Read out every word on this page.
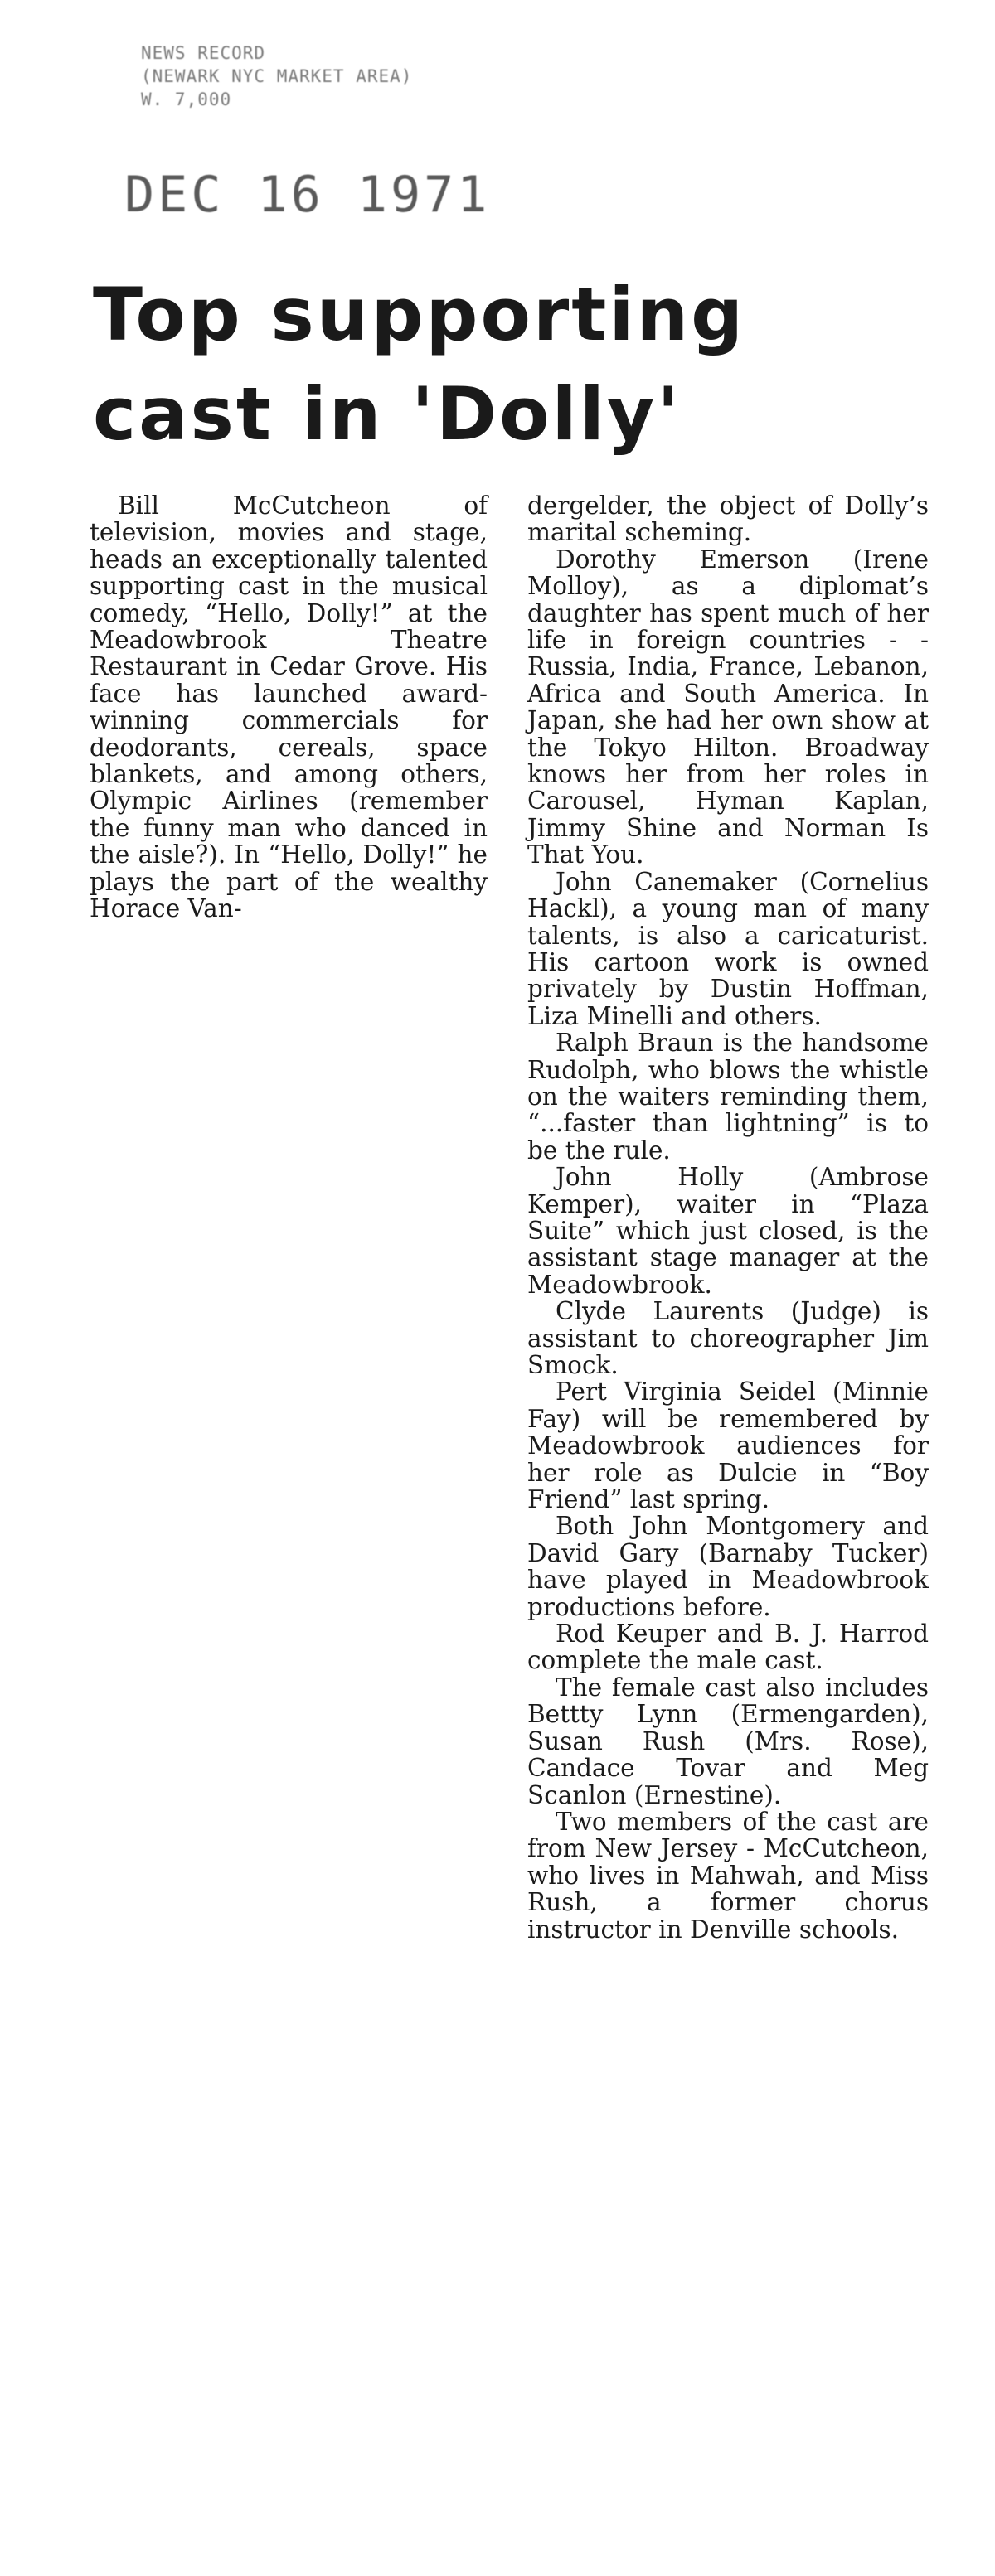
NEWS RECORD
(NEWARK NYC MARKET AREA)
W. 7,000
DEC 16 1971
Top supporting
cast in 'Dolly'

Bill McCutcheon of television, movies and stage, heads an exceptionally talented supporting cast in the musical comedy, “Hello, Dolly!” at the Meadowbrook Theatre Restaurant in Cedar Grove. His face has launched award-winning commercials for deodorants, cereals, space blankets, and among others, Olympic Airlines (remember the funny man who danced in the aisle?). In “Hello, Dolly!” he plays the part of the wealthy Horace Van-

dergelder, the object of Dolly’s marital scheming.

Dorothy Emerson (Irene Molloy), as a diplomat’s daughter has spent much of her life in foreign countries - - Russia, India, France, Lebanon, Africa and South America. In Japan, she had her own show at the Tokyo Hilton. Broadway knows her from her roles in Carousel, Hyman Kaplan, Jimmy Shine and Norman Is That You.

John Canemaker (Cornelius Hackl), a young man of many talents, is also a caricaturist. His cartoon work is owned privately by Dustin Hoffman, Liza Minelli and others.

Ralph Braun is the handsome Rudolph, who blows the whistle on the waiters reminding them, “...faster than lightning” is to be the rule.

John Holly (Ambrose Kemper), waiter in “Plaza Suite” which just closed, is the assistant stage manager at the Meadowbrook.

Clyde Laurents (Judge) is assistant to choreographer Jim Smock.

Pert Virginia Seidel (Minnie Fay) will be remembered by Meadowbrook audiences for her role as Dulcie in “Boy Friend” last spring.

Both John Montgomery and David Gary (Barnaby Tucker) have played in Meadowbrook productions before.

Rod Keuper and B. J. Harrod complete the male cast.

The female cast also includes Bettty Lynn (Ermengarden), Susan Rush (Mrs. Rose), Candace Tovar and Meg Scanlon (Ernestine).

Two members of the cast are from New Jersey - McCutcheon, who lives in Mahwah, and Miss Rush, a former chorus instructor in Denville schools.
